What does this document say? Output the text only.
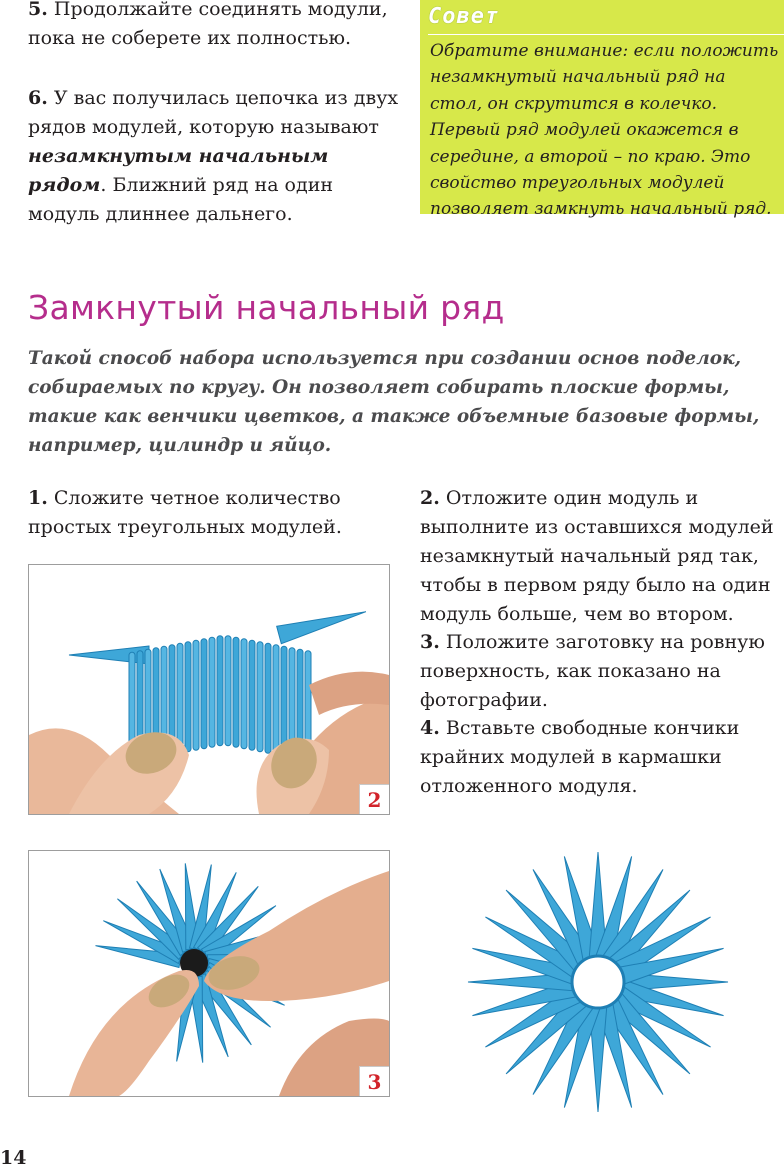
5. Продолжайте соединять модули, пока не соберете их полностью.

6. У вас получилась цепочка из двух рядов модулей, которую называют незамкнутым начальным рядом. Ближний ряд на один модуль длиннее дальнего.

Совет

Обратите внимание: если положить незамкнутый начальный ряд на стол, он скрутится в колечко. Первый ряд модулей окажется в середине, а второй – по краю. Это свойство треугольных модулей позволяет замкнуть начальный ряд.

Замкнутый начальный ряд

Такой способ набора используется при создании основ поделок, собираемых по кругу. Он позволяет собирать плоские формы, такие как венчики цветков, а также объемные базовые формы, например, цилиндр и яйцо.

1. Сложите четное количество простых треугольных модулей.

2. Отложите один модуль и выполните из оставшихся модулей незамкнутый начальный ряд так, чтобы в первом ряду было на один модуль больше, чем во втором.

3. Положите заготовку на ровную поверхность, как показано на фотографии.

4. Вставьте свободные кончики крайних модулей в кармашки отложенного модуля.

2
3
14
